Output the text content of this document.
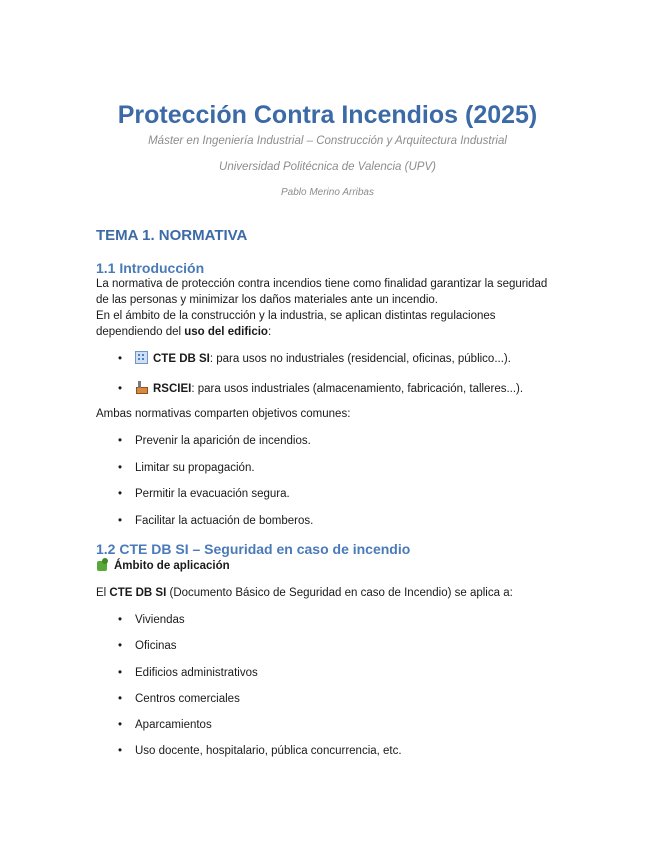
Protección Contra Incendios (2025)

Máster en Ingeniería Industrial – Construcción y Arquitectura Industrial

Universidad Politécnica de Valencia (UPV)

Pablo Merino Arribas

TEMA 1. NORMATIVA
1.1 Introducción

La normativa de protección contra incendios tiene como finalidad garantizar la seguridad

de las personas y minimizar los daños materiales ante un incendio.

En el ámbito de la construcción y la industria, se aplican distintas regulaciones

dependiendo del uso del edificio:

•	CTE DB SI: para usos no industriales (residencial, oficinas, público...).
•	RSCIEI: para usos industriales (almacenamiento, fabricación, talleres...).

Ambas normativas comparten objetivos comunes:

•	Prevenir la aparición de incendios.
•	Limitar su propagación.
•	Permitir la evacuación segura.
•	Facilitar la actuación de bomberos.
1.2 CTE DB SI – Seguridad en caso de incendio

Ámbito de aplicación

El CTE DB SI (Documento Básico de Seguridad en caso de Incendio) se aplica a:

•	Viviendas
•	Oficinas
•	Edificios administrativos
•	Centros comerciales
•	Aparcamientos
•	Uso docente, hospitalario, pública concurrencia, etc.
